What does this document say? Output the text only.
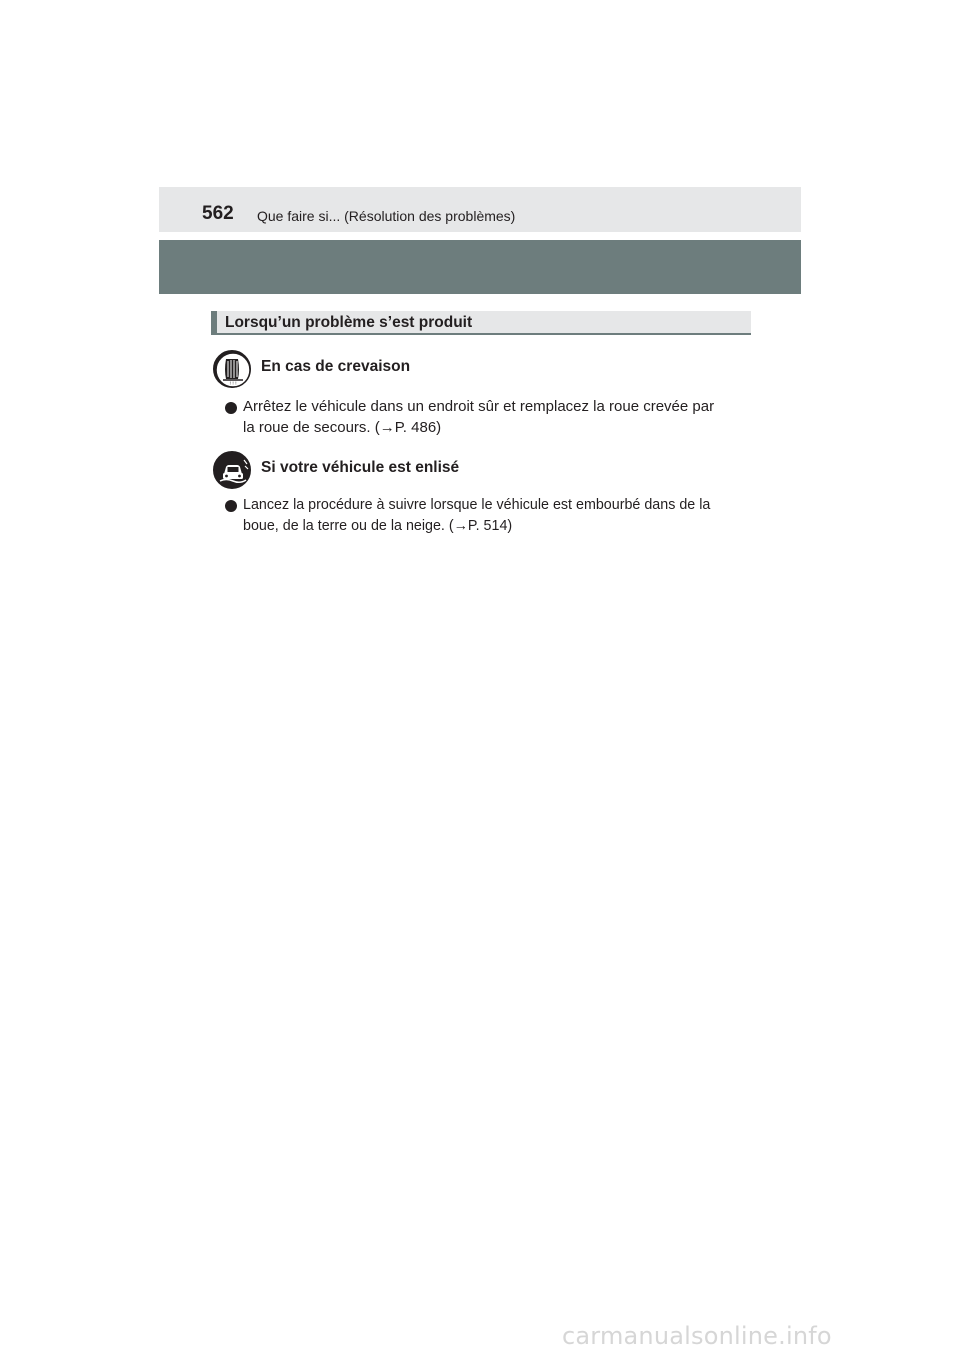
562 Que faire si... (Résolution des problèmes)
Lorsqu’un problème s’est produit
! ! !
En cas de crevaison
Arrêtez le véhicule dans un endroit sûr et remplacez la roue crevée par
la roue de secours. (→P. 486)
Si votre véhicule est enlisé
Lancez la procédure à suivre lorsque le véhicule est embourbé dans de la
boue, de la terre ou de la neige. (→P. 514)
carmanualsonline.info
